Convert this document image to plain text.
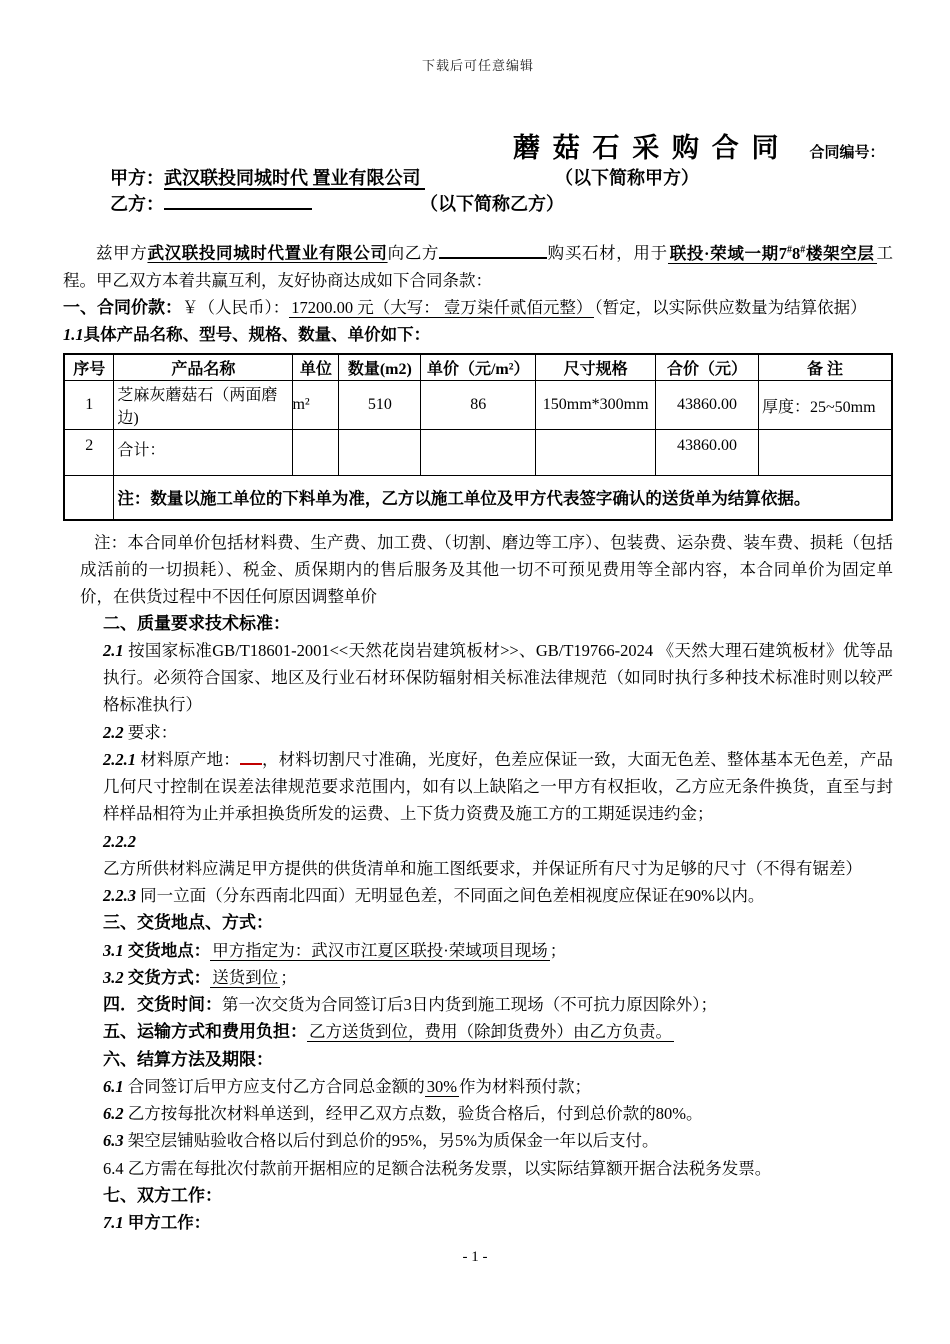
下载后可任意编辑
蘑 菇 石 采 购 合 同 合同编号：
甲方：武汉联投同城时代 置业有限公司	（以下简称甲方）
乙方：	（以下简称乙方）

兹甲方武汉联投同城时代置业有限公司向乙方	购买石材，用于 联投·荣域一期7#8#楼架空层 工程。甲乙双方本着共赢互利，友好协商达成如下合同条款：

一、合同价款：￥（人民币）： 17200.00 元（大写： 壹万柒仟贰佰元整） （暂定，以实际供应数量为结算依据）

1.1具体产品名称、型号、规格、数量、单价如下：

序号	产品名称	单位	数量(m2)	单价（元/m²）	尺寸规格	合价（元）	备 注
1	芝麻灰蘑菇石（两面磨边)	m²	510	86	150mm*300mm	43860.00	厚度：25~50mm
2	合计：					43860.00	
	注：数量以施工单位的下料单为准，乙方以施工单位及甲方代表签字确认的送货单为结算依据。						

注：本合同单价包括材料费、生产费、加工费、（切割、磨边等工序）、包装费、运杂费、装车费、损耗（包括成活前的一切损耗）、税金、质保期内的售后服务及其他一切不可预见费用等全部内容，本合同单价为固定单价，在供货过程中不因任何原因调整单价

二、质量要求技术标准：

2.1 按国家标准GB/T18601-2001<<天然花岗岩建筑板材>>、GB/T19766-2024 《天然大理石建筑板材》优等品执行。必须符合国家、地区及行业石材环保防辐射相关标准法律规范（如同时执行多种技术标准时则以较严格标准执行）

2.2 要求：

2.2.1 材料原产地： ，材料切割尺寸准确，光度好，色差应保证一致，大面无色差、整体基本无色差，产品几何尺寸控制在误差法律规范要求范围内，如有以上缺陷之一甲方有权拒收，乙方应无条件换货，直至与封样样品相符为止并承担换货所发的运费、上下货力资费及施工方的工期延误违约金；

2.2.2 乙方所供材料应满足甲方提供的供货清单和施工图纸要求，并保证所有尺寸为足够的尺寸（不得有锯差）

2.2.3 同一立面（分东西南北四面）无明显色差，不同面之间色差相视度应保证在90%以内。

三、交货地点、方式：

3.1 交货地点： 甲方指定为：武汉市江夏区联投·荣域项目现场 ；

3.2 交货方式： 送货到位 ；

四．交货时间：第一次交货为合同签订后3日内货到施工现场（不可抗力原因除外）；

五、运输方式和费用负担： 乙方送货到位，费用（除卸货费外）由乙方负责。

六、结算方法及期限：

6.1 合同签订后甲方应支付乙方合同总金额的 30% 作为材料预付款；

6.2 乙方按每批次材料单送到，经甲乙双方点数，验货合格后，付到总价款的80%。

6.3 架空层铺贴验收合格以后付到总价的95%，另5%为质保金一年以后支付。

6.4 乙方需在每批次付款前开据相应的足额合法税务发票，以实际结算额开据合法税务发票。

七、双方工作：

7.1 甲方工作：

- 1 -
